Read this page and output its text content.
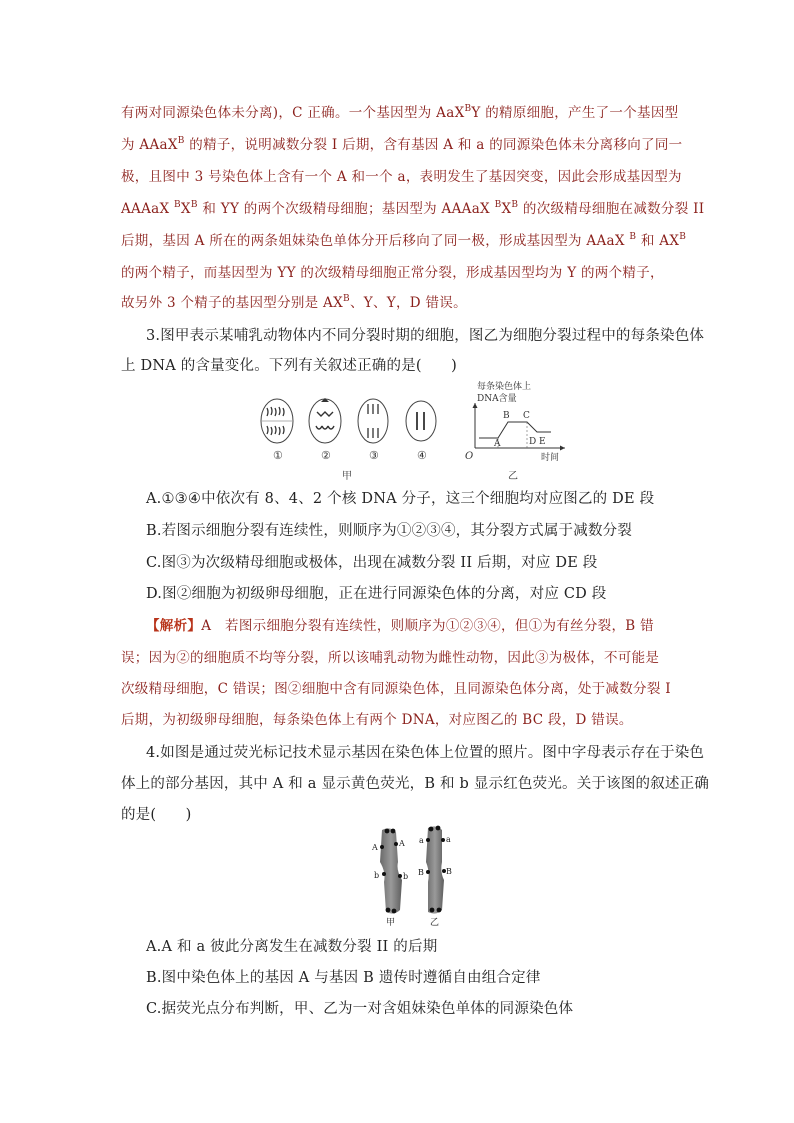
有两对同源染色体未分离)，C 正确。一个基因型为 AaX$^B$Y 的精原细胞，产生了一个基因型
为 AAaX$^B$ 的精子，说明减数分裂 I 后期，含有基因 A 和 a 的同源染色体未分离移向了同一
极，且图中 3 号染色体上含有一个 A 和一个 a，表明发生了基因突变，因此会形成基因型为
AAAaX $^BX^B$ 和 YY 的两个次级精母细胞；基因型为 AAAaX $^BX^B$ 的次级精母细胞在减数分裂 II
后期，基因 A 所在的两条姐妹染色单体分开后移向了同一极，形成基因型为 AAaX $^B$ 和 $AX^B$
的两个精子，而基因型为 YY 的次级精母细胞正常分裂，形成基因型均为 Y 的两个精子，
故另外 3 个精子的基因型分别是 $AX^B$、Y、Y，D 错误。
3.图甲表示某哺乳动物体内不同分裂时期的细胞，图乙为细胞分裂过程中的每条染色体
上 DNA 的含量变化。下列有关叙述正确的是(　　)
①	②	③	④
甲
每条染色体上
DNA含量
A
B C
D E
O	时间
乙
A.①③④中依次有 8、4、2 个核 DNA 分子，这三个细胞均对应图乙的 DE 段
B.若图示细胞分裂有连续性，则顺序为①②③④，其分裂方式属于减数分裂
C.图③为次级精母细胞或极体，出现在减数分裂 II 后期，对应 DE 段
D.图②细胞为初级卵母细胞，正在进行同源染色体的分离，对应 CD 段
【解析】A　若图示细胞分裂有连续性，则顺序为①②③④，但①为有丝分裂，B 错
误；因为②的细胞质不均等分裂，所以该哺乳动物为雌性动物，因此③为极体，不可能是
次级精母细胞，C 错误；图②细胞中含有同源染色体，且同源染色体分离，处于减数分裂 I
后期，为初级卵母细胞，每条染色体上有两个 DNA，对应图乙的 BC 段，D 错误。
4.如图是通过荧光标记技术显示基因在染色体上位置的照片。图中字母表示存在于染色
体上的部分基因，其中 A 和 a 显示黄色荧光，B 和 b 显示红色荧光。关于该图的叙述正确
的是(　　)
A	A
b	b
a	a
B	B
甲	乙
A.A 和 a 彼此分离发生在减数分裂 II 的后期
B.图中染色体上的基因 A 与基因 B 遗传时遵循自由组合定律
C.据荧光点分布判断，甲、乙为一对含姐妹染色单体的同源染色体
